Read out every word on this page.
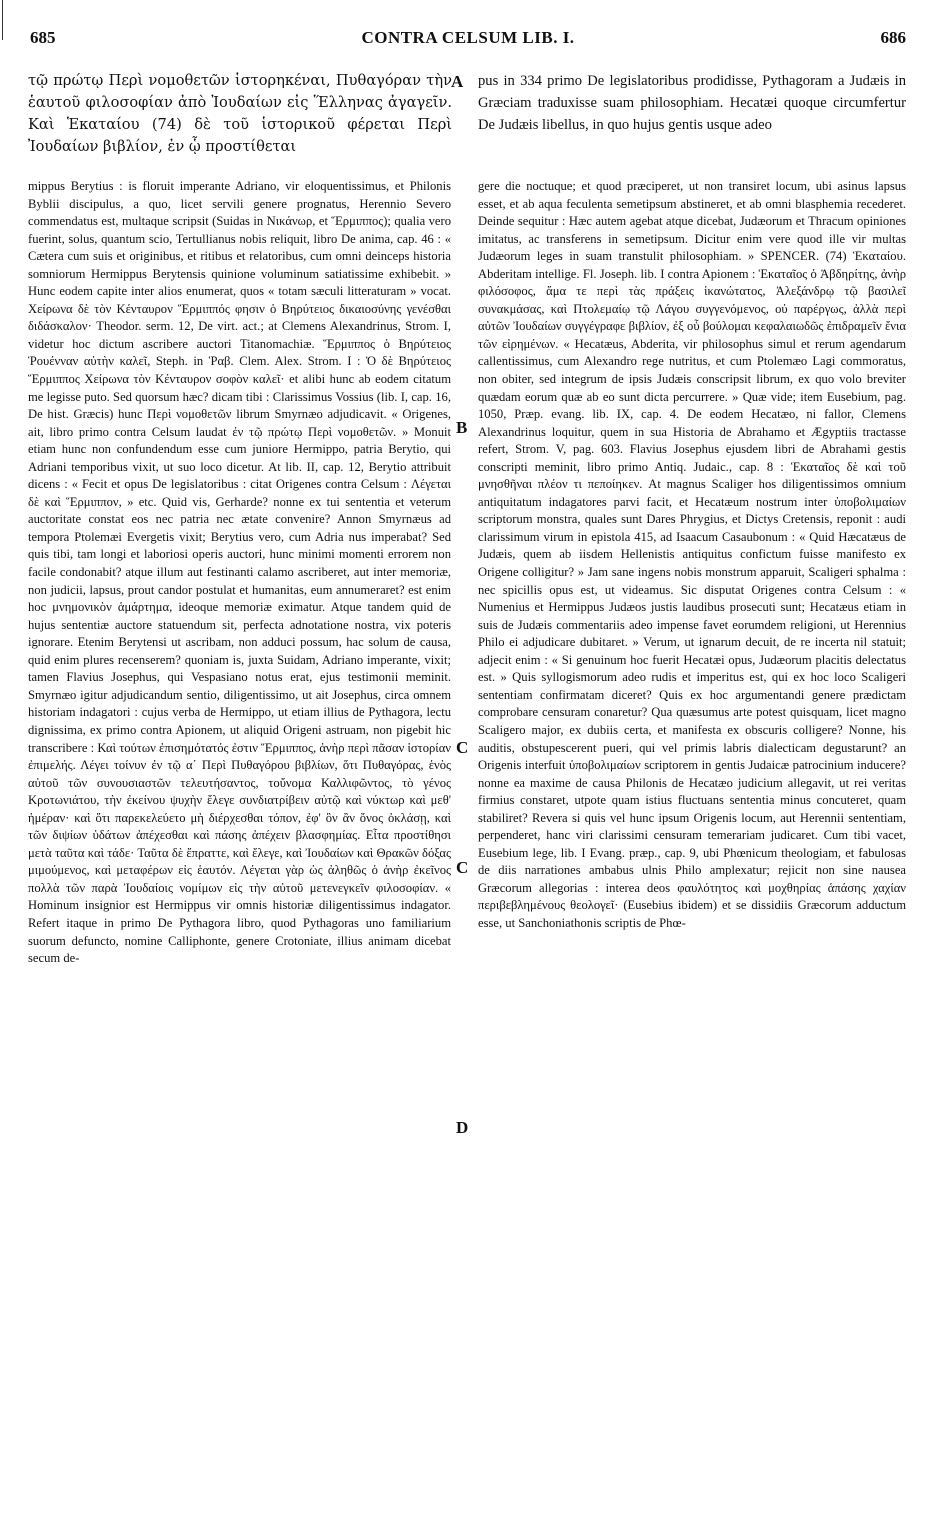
685	CONTRA CELSUM LIB. I.	686

τῷ πρώτῳ Περὶ νομοθετῶν ἱστορηκέναι, Πυθαγόραν τὴν ἑαυτοῦ φιλοσοφίαν ἀπὸ Ἰουδαίων εἰς Ἕλληνας ἀγαγεῖν. Καὶ Ἑκαταίου (74) δὲ τοῦ ἱστορικοῦ φέρεται Περὶ Ἰουδαίων βιβλίον, ἐν ᾧ προστίθεται

pus in 334 primo De legislatoribus prodidisse, Pythagoram a Judæis in Græciam traduxisse suam philosophiam. Hecatæi quoque circumfertur De Judæis libellus, in quo hujus gentis usque adeo

mippus Berytius : is floruit imperante Adriano, vir eloquentissimus, et Philonis Byblii discipulus, a quo, licet servili genere prognatus, Herennio Severo commendatus est, multaque scripsit (Suidas in Νικάνωρ, et Ἕρμιππος); qualia vero fuerint, solus, quantum scio, Tertullianus nobis reliquit, libro De anima, cap. 46 : « Cætera cum suis et originibus, et ritibus et relatoribus, cum omni deinceps historia somniorum Hermippus Berytensis quinione voluminum satiatissime exhibebit. » Hunc eodem capite inter alios enumerat, quos « totam sæculi litteraturam » vocat. Χείρωνα δὲ τὸν Κένταυρον Ἕρμιππός φησιν ὁ Βηρύτειος δικαιοσύνης γενέσθαι διδάσκαλον· Theodor. serm. 12, De virt. act.; at Clemens Alexandrinus, Strom. I, videtur hoc dictum ascribere auctori Titanomachiæ. Ἕρμιππος ὁ Βηρύτειος Ῥουένναν αὐτὴν καλεῖ, Steph. in Ῥαβ. Clem. Alex. Strom. I : Ὁ δὲ Βηρύτειος Ἕρμιππος Χείρωνα τὸν Κένταυρον σοφὸν καλεῖ· et alibi hunc ab eodem citatum me legisse puto. Sed quorsum hæc? dicam tibi : Clarissimus Vossius (lib. I, cap. 16, De hist. Græcis) hunc Περὶ νομοθετῶν librum Smyrnæo adjudicavit. « Origenes, ait, libro primo contra Celsum laudat ἐν τῷ πρώτῳ Περὶ νομοθετῶν. » Monuit etiam hunc non confundendum esse cum juniore Hermippo, patria Berytio, qui Adriani temporibus vixit, ut suo loco dicetur. At lib. II, cap. 12, Berytio attribuit dicens : « Fecit et opus De legislatoribus : citat Origenes contra Celsum : Λέγεται δὲ καὶ Ἕρμιππον, » etc. Quid vis, Gerharde? nonne ex tui sententia et veterum auctoritate constat eos nec patria nec ætate convenire? Annon Smyrnæus ad tempora Ptolemæi Evergetis vixit; Berytius vero, cum Adria nus imperabat? Sed quis tibi, tam longi et laboriosi operis auctori, hunc minimi momenti errorem non facile condonabit? atque illum aut festinanti calamo ascriberet, aut inter memoriæ, non judicii, lapsus, prout candor postulat et humanitas, eum annumeraret? est enim hoc μνημονικὸν ἁμάρτημα, ideoque memoriæ eximatur. Atque tandem quid de hujus sententiæ auctore statuendum sit, perfecta adnotatione nostra, vix poteris ignorare. Etenim Berytensi ut ascribam, non adduci possum, hac solum de causa, quid enim plures recenserem? quoniam is, juxta Suidam, Adriano imperante, vixit; tamen Flavius Josephus, qui Vespasiano notus erat, ejus testimonii meminit. Smyrnæo igitur adjudicandum sentio, diligentissimo, ut ait Josephus, circa omnem historiam indagatori : cujus verba de Hermippo, ut etiam illius de Pythagora, lectu dignissima, ex primo contra Apionem, ut aliquid Origeni astruam, non pigebit hic transcribere : Καὶ τούτων ἐπισημότατός ἐστιν Ἕρμιππος, ἀνὴρ περὶ πᾶσαν ἱστορίαν ἐπιμελής. Λέγει τοίνυν ἐν τῷ α΄ Περὶ Πυθαγόρου βιβλίων, ὅτι Πυθαγόρας, ἑνὸς αὐτοῦ τῶν συνουσιαστῶν τελευτήσαντος, τοὔνομα Καλλιφῶντος, τὸ γένος Κροτωνιάτου, τὴν ἐκείνου ψυχὴν ἔλεγε συνδιατρίβειν αὐτῷ καὶ νύκτωρ καὶ μεθ' ἡμέραν· καὶ ὅτι παρεκελεύετο μὴ διέρχεσθαι τόπον, ἐφ' ὃν ἂν ὄνος ὀκλάσῃ, καὶ τῶν διψίων ὑδάτων ἀπέχεσθαι καὶ πάσης ἀπέχειν βλασφημίας. Εἶτα προστίθησι μετὰ ταῦτα καὶ τάδε· Ταῦτα δὲ ἔπραττε, καὶ ἔλεγε, καὶ Ἰουδαίων καὶ Θρακῶν δόξας μιμούμενος, καὶ μεταφέρων εἰς ἑαυτόν. Λέγεται γὰρ ὡς ἀληθῶς ὁ ἀνὴρ ἐκεῖνος πολλὰ τῶν παρὰ Ἰουδαίοις νομίμων εἰς τὴν αὐτοῦ μετενεγκεῖν φιλοσοφίαν. « Hominum insignior est Hermippus vir omnis historiæ diligentissimus indagator. Refert itaque in primo De Pythagora libro, quod Pythagoras uno familiarium suorum defuncto, nomine Calliphonte, genere Crotoniate, illius animam dicebat secum de-

gere die noctuque; et quod præciperet, ut non transiret locum, ubi asinus lapsus esset, et ab aqua feculenta semetipsum abstineret, et ab omni blasphemia recederet. Deinde sequitur : Hæc autem agebat atque dicebat, Judæorum et Thracum opiniones imitatus, ac transferens in semetipsum. Dicitur enim vere quod ille vir multas Judæorum leges in suam transtulit philosophiam. » SPENCER. (74) Ἑκαταίου. Abderitam intellige. Fl. Joseph. lib. I contra Apionem : Ἑκαταῖος ὁ Ἀβδηρίτης, ἀνὴρ φιλόσοφος, ἅμα τε περὶ τὰς πράξεις ἱκανώτατος, Ἀλεξάνδρῳ τῷ βασιλεῖ συνακμάσας, καὶ Πτολεμαίῳ τῷ Λάγου συγγενόμενος, οὐ παρέργως, ἀλλὰ περὶ αὐτῶν Ἰουδαίων συγγέγραφε βιβλίον, ἐξ οὗ βούλομαι κεφαλαιωδῶς ἐπιδραμεῖν ἔνια τῶν εἰρημένων. « Hecatæus, Abderita, vir philosophus simul et rerum agendarum callentissimus, cum Alexandro rege nutritus, et cum Ptolemæo Lagi commoratus, non obiter, sed integrum de ipsis Judæis conscripsit librum, ex quo volo breviter quædam eorum quæ ab eo sunt dicta percurrere. » Quæ vide; item Eusebium, pag. 1050, Præp. evang. lib. IX, cap. 4. De eodem Hecatæo, ni fallor, Clemens Alexandrinus loquitur, quem in sua Historia de Abrahamo et Ægyptiis tractasse refert, Strom. V, pag. 603. Flavius Josephus ejusdem libri de Abrahami gestis conscripti meminit, libro primo Antiq. Judaic., cap. 8 : Ἑκαταῖος δὲ καὶ τοῦ μνησθῆναι πλέον τι πεποίηκεν. At magnus Scaliger hos diligentissimos omnium antiquitatum indagatores parvi facit, et Hecatæum nostrum inter ὑποβολιμαίων scriptorum monstra, quales sunt Dares Phrygius, et Dictys Cretensis, reponit : audi clarissimum virum in epistola 415, ad Isaacum Casaubonum : « Quid Hæcatæus de Judæis, quem ab iisdem Hellenistis antiquitus confictum fuisse manifesto ex Origene colligitur? » Jam sane ingens nobis monstrum apparuit, Scaligeri sphalma : nec spicillis opus est, ut videamus. Sic disputat Origenes contra Celsum : « Numenius et Hermippus Judæos justis laudibus prosecuti sunt; Hecatæus etiam in suis de Judæis commentariis adeo impense favet eorumdem religioni, ut Herennius Philo ei adjudicare dubitaret. » Verum, ut ignarum decuit, de re incerta nil statuit; adjecit enim : « Si genuinum hoc fuerit Hecatæi opus, Judæorum placitis delectatus est. » Quis syllogismorum adeo rudis et imperitus est, qui ex hoc loco Scaligeri sententiam confirmatam diceret? Quis ex hoc argumentandi genere prædictam comprobare censuram conaretur? Qua quæsumus arte potest quisquam, licet magno Scaligero major, ex dubiis certa, et manifesta ex obscuris colligere? Nonne, his auditis, obstupescerent pueri, qui vel primis labris dialecticam degustarunt? an Origenis interfuit ὑποβολιμαίων scriptorem in gentis Judaicæ patrocinium inducere? nonne ea maxime de causa Philonis de Hecatæo judicium allegavit, ut rei veritas firmius constaret, utpote quam istius fluctuans sententia minus concuteret, quam stabiliret? Revera si quis vel hunc ipsum Origenis locum, aut Herennii sententiam, perpenderet, hanc viri clarissimi censuram temerariam judicaret. Cum tibi vacet, Eusebium lege, lib. I Evang. præp., cap. 9, ubi Phœnicum theologiam, et fabulosas de diis narrationes ambabus ulnis Philo amplexatur; rejicit non sine nausea Græcorum allegorias : interea deos φαυλότητος καὶ μοχθηρίας ἁπάσης χαχίαν περιβεβλημένους θεολογεῖ· (Eusebius ibidem) et se dissidiis Græcorum adductum esse, ut Sanchoniathonis scriptis de Phœ-

A
B
C
C
D
